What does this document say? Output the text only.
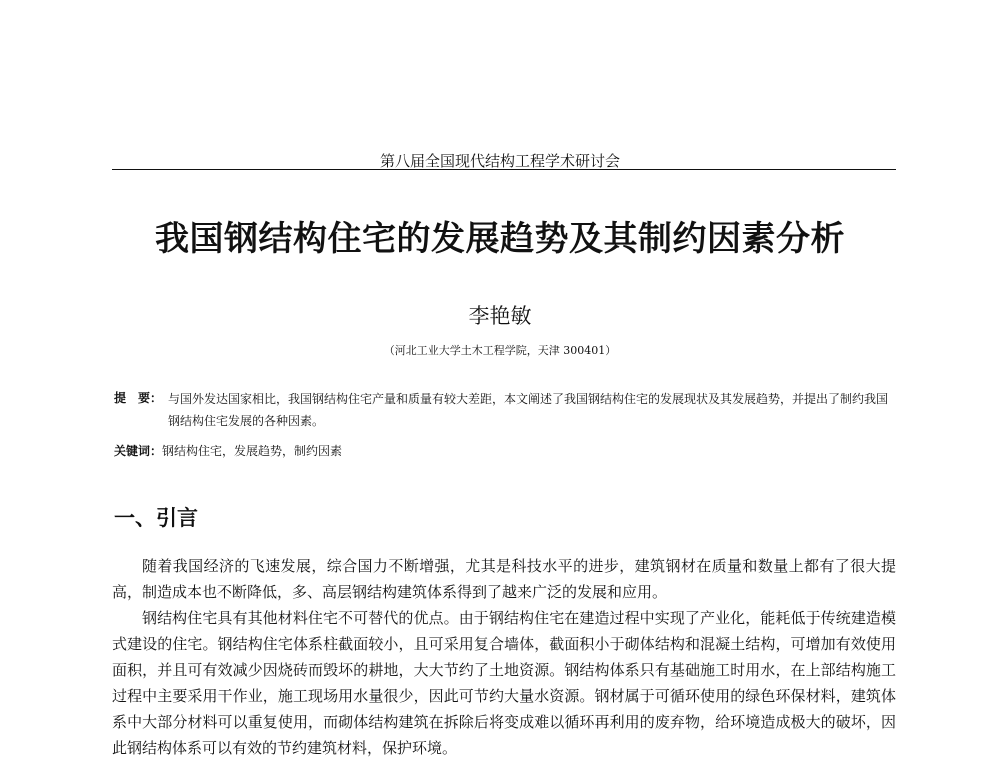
第八届全国现代结构工程学术研讨会
我国钢结构住宅的发展趋势及其制约因素分析
李艳敏
（河北工业大学土木工程学院，天津 300401）
提　要： 与国外发达国家相比，我国钢结构住宅产量和质量有较大差距，本文阐述了我国钢结构住宅的发展现状及其发展趋势，并提出了制约我国钢结构住宅发展的各种因素。
关键词：钢结构住宅，发展趋势，制约因素
一、引言

随着我国经济的飞速发展，综合国力不断增强，尤其是科技水平的进步，建筑钢材在质量和数量上都有了很大提高，制造成本也不断降低，多、高层钢结构建筑体系得到了越来广泛的发展和应用。

钢结构住宅具有其他材料住宅不可替代的优点。由于钢结构住宅在建造过程中实现了产业化，能耗低于传统建造模式建设的住宅。钢结构住宅体系柱截面较小，且可采用复合墙体，截面积小于砌体结构和混凝土结构，可增加有效使用面积，并且可有效减少因烧砖而毁坏的耕地，大大节约了土地资源。钢结构体系只有基础施工时用水，在上部结构施工过程中主要采用干作业，施工现场用水量很少，因此可节约大量水资源。钢材属于可循环使用的绿色环保材料，建筑体系中大部分材料可以重复使用，而砌体结构建筑在拆除后将变成难以循环再利用的废弃物，给环境造成极大的破坏，因此钢结构体系可以有效的节约建筑材料，保护环境。
